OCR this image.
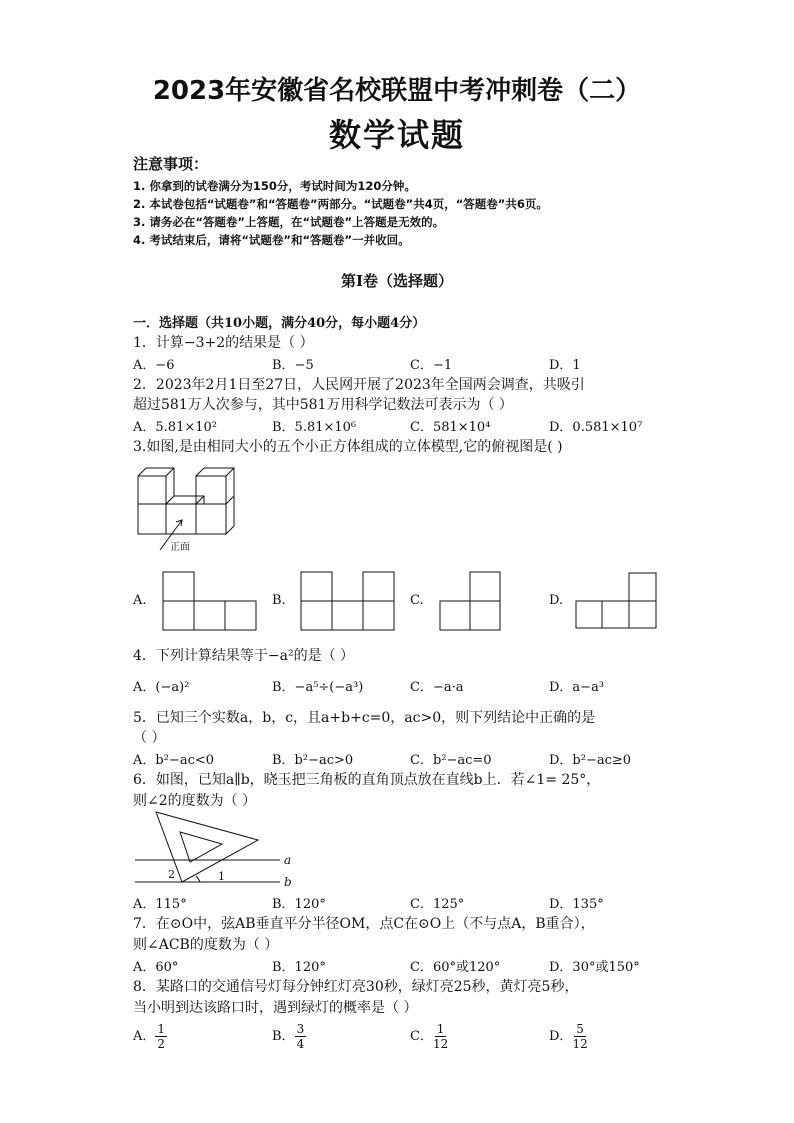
2023年安徽省名校联盟中考冲刺卷（二）
数学试题
注意事项：
1. 你拿到的试卷满分为150分，考试时间为120分钟。
2. 本试卷包括“试题卷”和“答题卷”两部分。“试题卷”共4页，“答题卷”共6页。
3. 请务必在“答题卷”上答题，在“试题卷”上答题是无效的。
4. 考试结束后，请将“试题卷”和“答题卷”一并收回。
第Ⅰ卷（选择题）
一．选择题（共10小题，满分40分，每小题4分）
1．计算−3+2的结果是（ ）
A．−6	B．−5	C．−1	D．1
2．2023年2月1日至27日，人民网开展了2023年全国两会调查，共吸引
超过581万人次参与，其中581万用科学记数法可表示为（ ）
A．5.81×10²	B．5.81×10⁶	C．581×10⁴	D．0.581×10⁷
3.如图,是由相同大小的五个小正方体组成的立体模型,它的俯视图是( )
正面
A.	B.	C.	D.
4．下列计算结果等于−a²的是（ ）
A．(−a)²	B．−a⁵÷(−a³)	C．−a·a	D．a−a³
5．已知三个实数a，b，c，且a+b+c=0，ac>0，则下列结论中正确的是
（ ）
A．b²−ac<0	B．b²−ac>0	C．b²−ac=0	D．b²−ac≥0
6．如图，已知a∥b，晓玉把三角板的直角顶点放在直线b上．若∠1= 25°，
则∠2的度数为（ ）
a
b
1
2
A．115°	B．120°	C．125°	D．135°
7．在⊙O中，弦AB垂直平分半径OM，点C在⊙O上（不与点A，B重合），
则∠ACB的度数为（ ）
A．60°	B．120°	C．60°或120°	D．30°或150°
8．某路口的交通信号灯每分钟红灯亮30秒，绿灯亮25秒，黄灯亮5秒，
当小明到达该路口时，遇到绿灯的概率是（ ）
A． $\frac{1}{2}$	B． $\frac{3}{4}$	C． $\frac{1}{12}$	D． $\frac{5}{12}$
